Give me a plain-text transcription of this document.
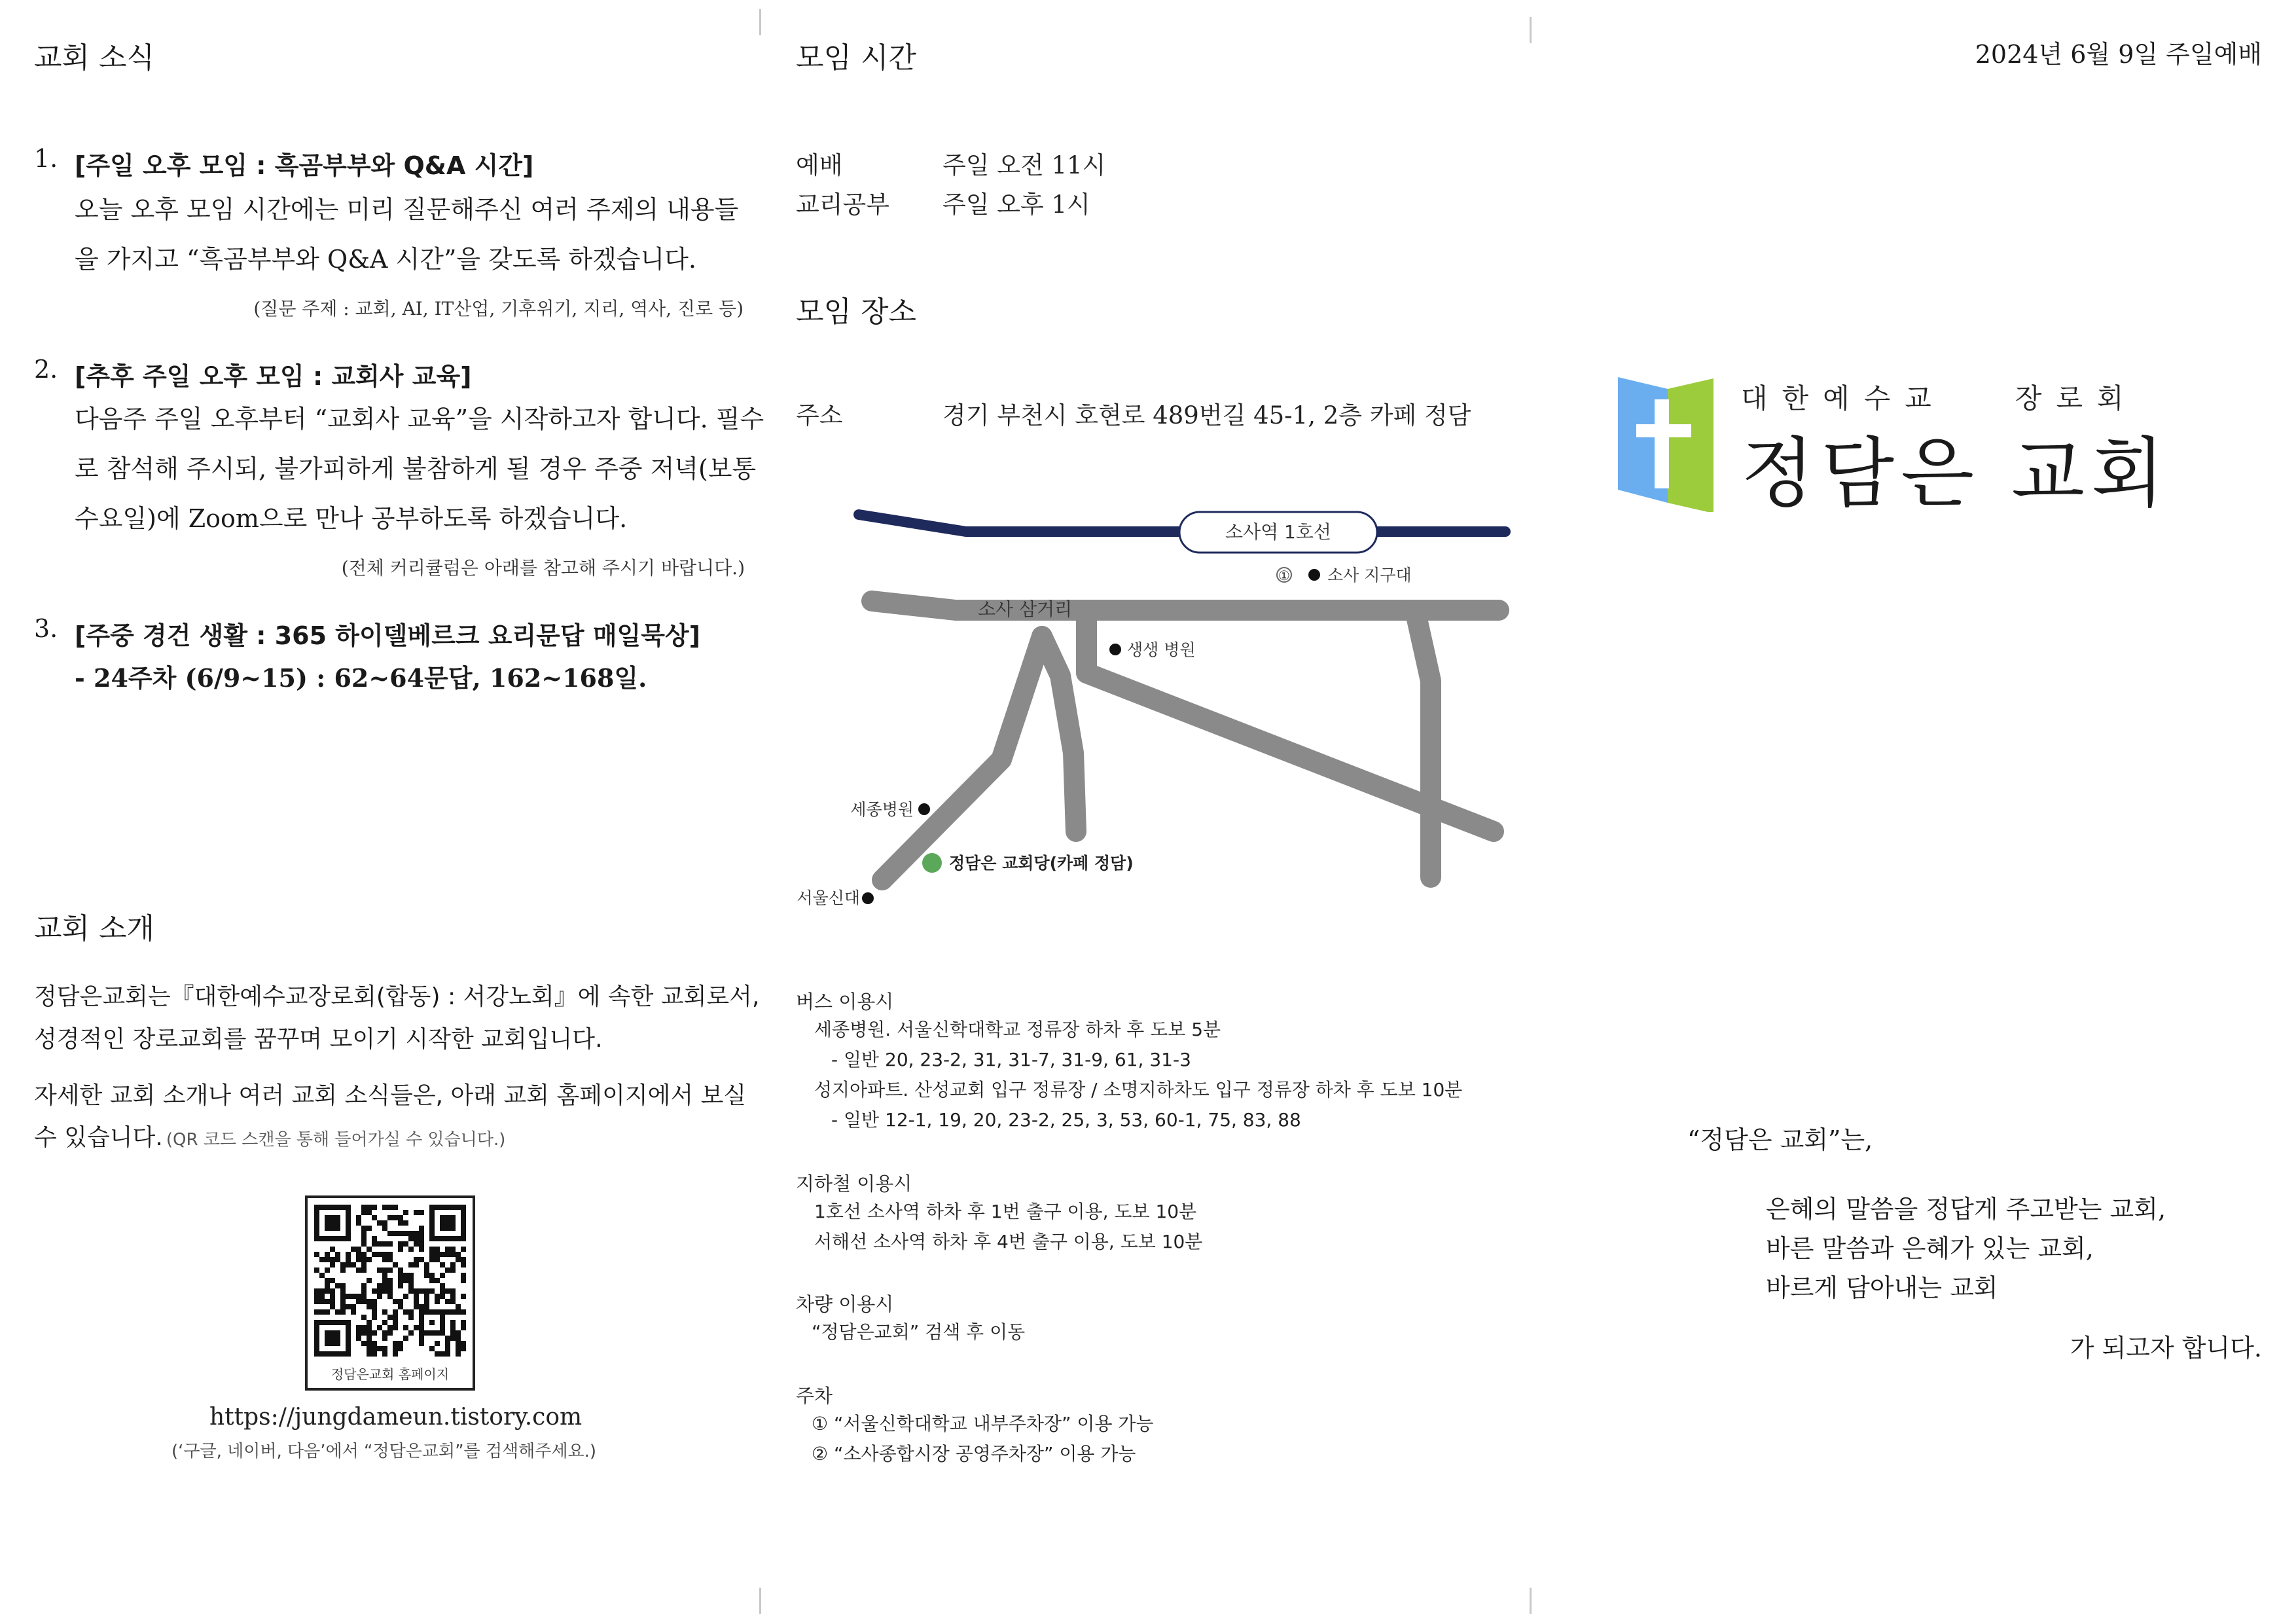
교회 소식
1. [주일 오후 모임 : 흑곰부부와 Q&A 시간]
오늘 오후 모임 시간에는 미리 질문해주신 여러 주제의 내용들
을 가지고 “흑곰부부와 Q&A 시간”을 갖도록 하겠습니다.
(질문 주제 : 교회, AI, IT산업, 기후위기, 지리, 역사, 진로 등)
2. [추후 주일 오후 모임 : 교회사 교육]
다음주 주일 오후부터 “교회사 교육”을 시작하고자 합니다. 필수
로 참석해 주시되, 불가피하게 불참하게 될 경우 주중 저녁(보통
수요일)에 Zoom으로 만나 공부하도록 하겠습니다.
(전체 커리큘럼은 아래를 참고해 주시기 바랍니다.)
3. [주중 경건 생활 : 365 하이델베르크 요리문답 매일묵상]
- 24주차 (6/9~15) : 62~64문답, 162~168일.
교회 소개
정담은교회는『대한예수교장로회(합동) : 서강노회』에 속한 교회로서,
성경적인 장로교회를 꿈꾸며 모이기 시작한 교회입니다.
자세한 교회 소개나 여러 교회 소식들은, 아래 교회 홈페이지에서 보실
수 있습니다. (QR 코드 스캔을 통해 들어가실 수 있습니다.)
정담은교회 홈페이지
https://jungdameun.tistory.com
(‘구글, 네이버, 다음’에서 “정담은교회”를 검색해주세요.)
모임 시간
예배	주일 오전 11시
교리공부 주일 오후 1시
모임 장소
주소	경기 부천시 호현로 489번길 45-1, 2층 카페 정담
소사역 1호선
① 소사 지구대
소사 삼거리
생생 병원
세종병원
정담은 교회당(카페 정담)
서울신대
버스 이용시
세종병원. 서울신학대학교 정류장 하차 후 도보 5분
- 일반 20, 23-2, 31, 31-7, 31-9, 61, 31-3
성지아파트. 산성교회 입구 정류장 / 소명지하차도 입구 정류장 하차 후 도보 10분
- 일반 12-1, 19, 20, 23-2, 25, 3, 53, 60-1, 75, 83, 88
지하철 이용시
1호선 소사역 하차 후 1번 출구 이용, 도보 10분
서해선 소사역 하차 후 4번 출구 이용, 도보 10분
차량 이용시
“정담은교회” 검색 후 이동
주차
① “서울신학대학교 내부주차장” 이용 가능
② “소사종합시장 공영주차장” 이용 가능
2024년 6월 9일 주일예배
대한예수교   장로회
정담은 교회
“정담은 교회”는,
은혜의 말씀을 정답게 주고받는 교회,
바른 말씀과 은혜가 있는 교회,
바르게 담아내는 교회
가 되고자 합니다.
